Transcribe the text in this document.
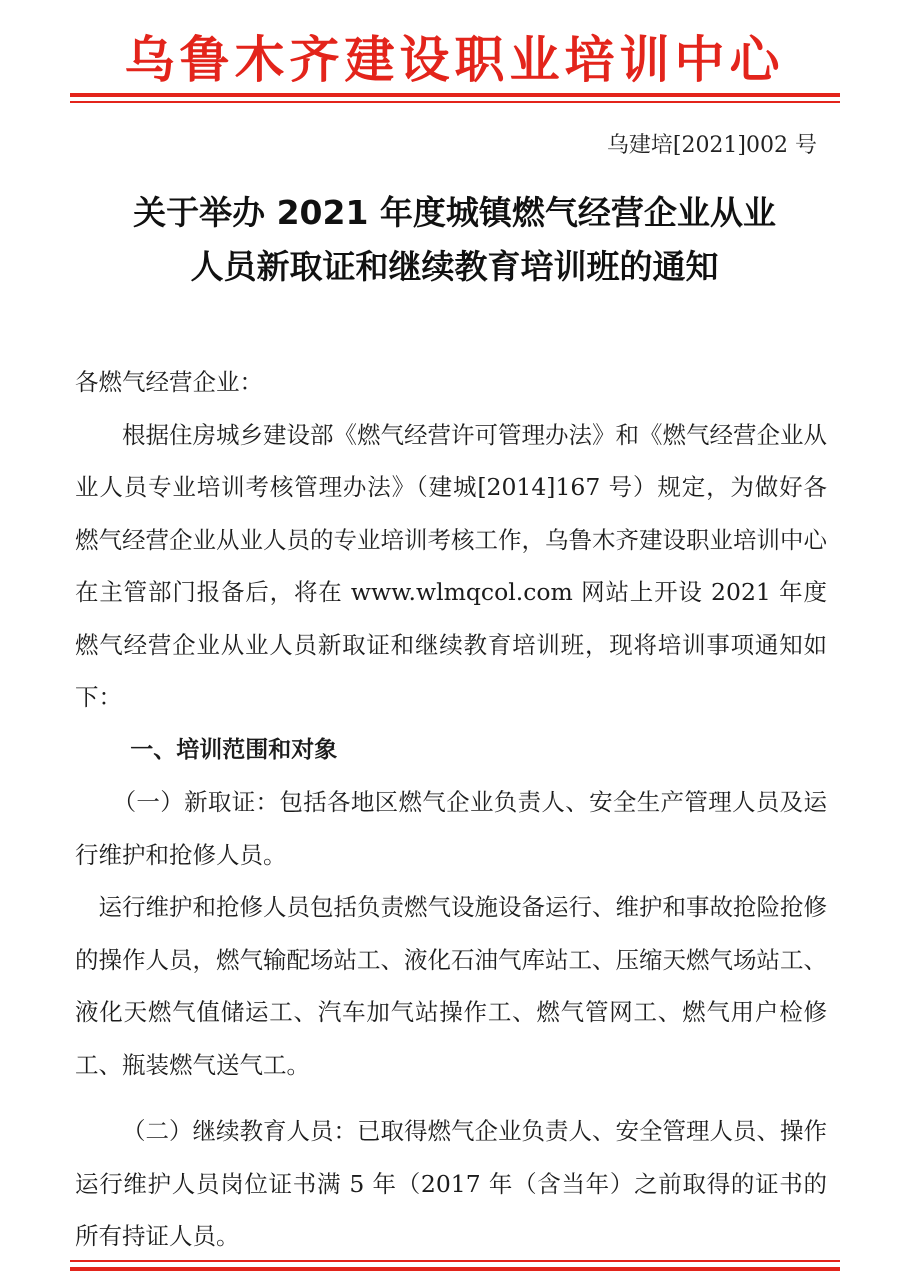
乌鲁木齐建设职业培训中心
乌建培[2021]002 号
关于举办 2021 年度城镇燃气经营企业从业
人员新取证和继续教育培训班的通知

各燃气经营企业：

根据住房城乡建设部《燃气经营许可管理办法》和《燃气经营企业从业人员专业培训考核管理办法》（建城[2014]167 号）规定，为做好各燃气经营企业从业人员的专业培训考核工作，乌鲁木齐建设职业培训中心在主管部门报备后，将在 www.wlmqcol.com 网站上开设 2021 年度燃气经营企业从业人员新取证和继续教育培训班，现将培训事项通知如下：

一、培训范围和对象

（一）新取证：包括各地区燃气企业负责人、安全生产管理人员及运行维护和抢修人员。

运行维护和抢修人员包括负责燃气设施设备运行、维护和事故抢险抢修的操作人员，燃气输配场站工、液化石油气库站工、压缩天燃气场站工、液化天燃气值储运工、汽车加气站操作工、燃气管网工、燃气用户检修工、瓶装燃气送气工。

（二）继续教育人员：已取得燃气企业负责人、安全管理人员、操作运行维护人员岗位证书满 5 年（2017 年（含当年）之前取得的证书的所有持证人员。
